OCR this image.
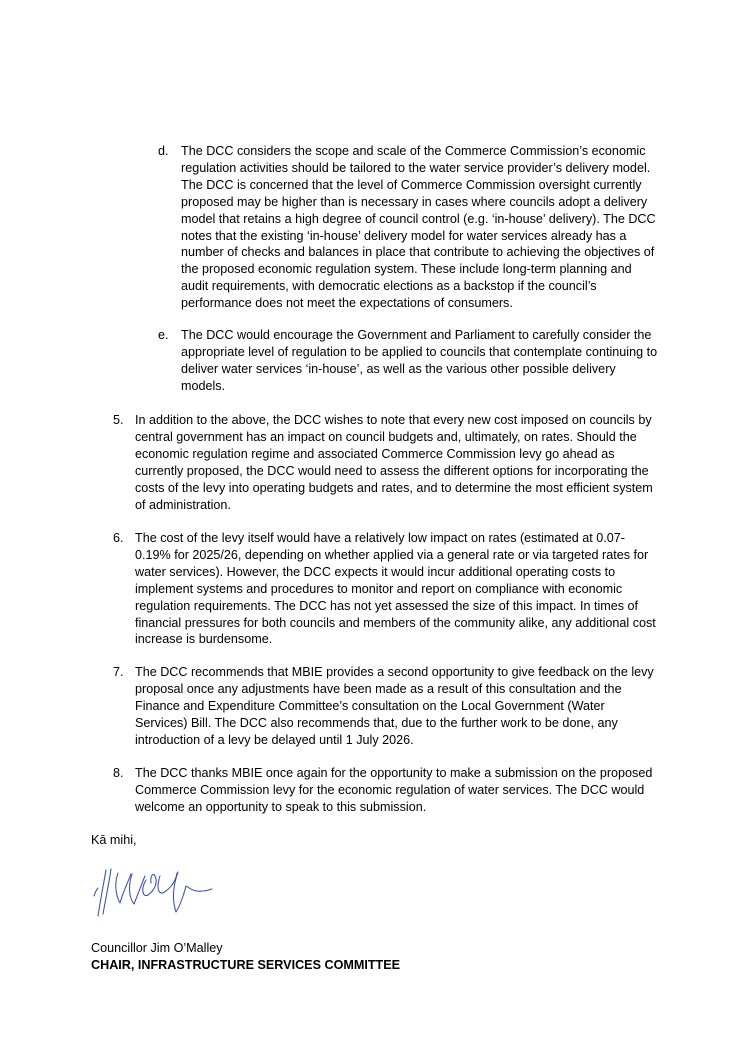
d. The DCC considers the scope and scale of the Commerce Commission’s economic regulation activities should be tailored to the water service provider’s delivery model. The DCC is concerned that the level of Commerce Commission oversight currently proposed may be higher than is necessary in cases where councils adopt a delivery model that retains a high degree of council control (e.g. ‘in-house’ delivery). The DCC notes that the existing ‘in-house’ delivery model for water services already has a number of checks and balances in place that contribute to achieving the objectives of the proposed economic regulation system. These include long-term planning and audit requirements, with democratic elections as a backstop if the council’s performance does not meet the expectations of consumers.
e. The DCC would encourage the Government and Parliament to carefully consider the appropriate level of regulation to be applied to councils that contemplate continuing to deliver water services ‘in-house’, as well as the various other possible delivery models.
5. In addition to the above, the DCC wishes to note that every new cost imposed on councils by central government has an impact on council budgets and, ultimately, on rates. Should the economic regulation regime and associated Commerce Commission levy go ahead as currently proposed, the DCC would need to assess the different options for incorporating the costs of the levy into operating budgets and rates, and to determine the most efficient system of administration.
6. The cost of the levy itself would have a relatively low impact on rates (estimated at 0.07-0.19% for 2025/26, depending on whether applied via a general rate or via targeted rates for water services). However, the DCC expects it would incur additional operating costs to implement systems and procedures to monitor and report on compliance with economic regulation requirements. The DCC has not yet assessed the size of this impact. In times of financial pressures for both councils and members of the community alike, any additional cost increase is burdensome.
7. The DCC recommends that MBIE provides a second opportunity to give feedback on the levy proposal once any adjustments have been made as a result of this consultation and the Finance and Expenditure Committee’s consultation on the Local Government (Water Services) Bill. The DCC also recommends that, due to the further work to be done, any introduction of a levy be delayed until 1 July 2026.
8. The DCC thanks MBIE once again for the opportunity to make a submission on the proposed Commerce Commission levy for the economic regulation of water services. The DCC would welcome an opportunity to speak to this submission.
Kā mihi,
Councillor Jim O’Malley
CHAIR, INFRASTRUCTURE SERVICES COMMITTEE
